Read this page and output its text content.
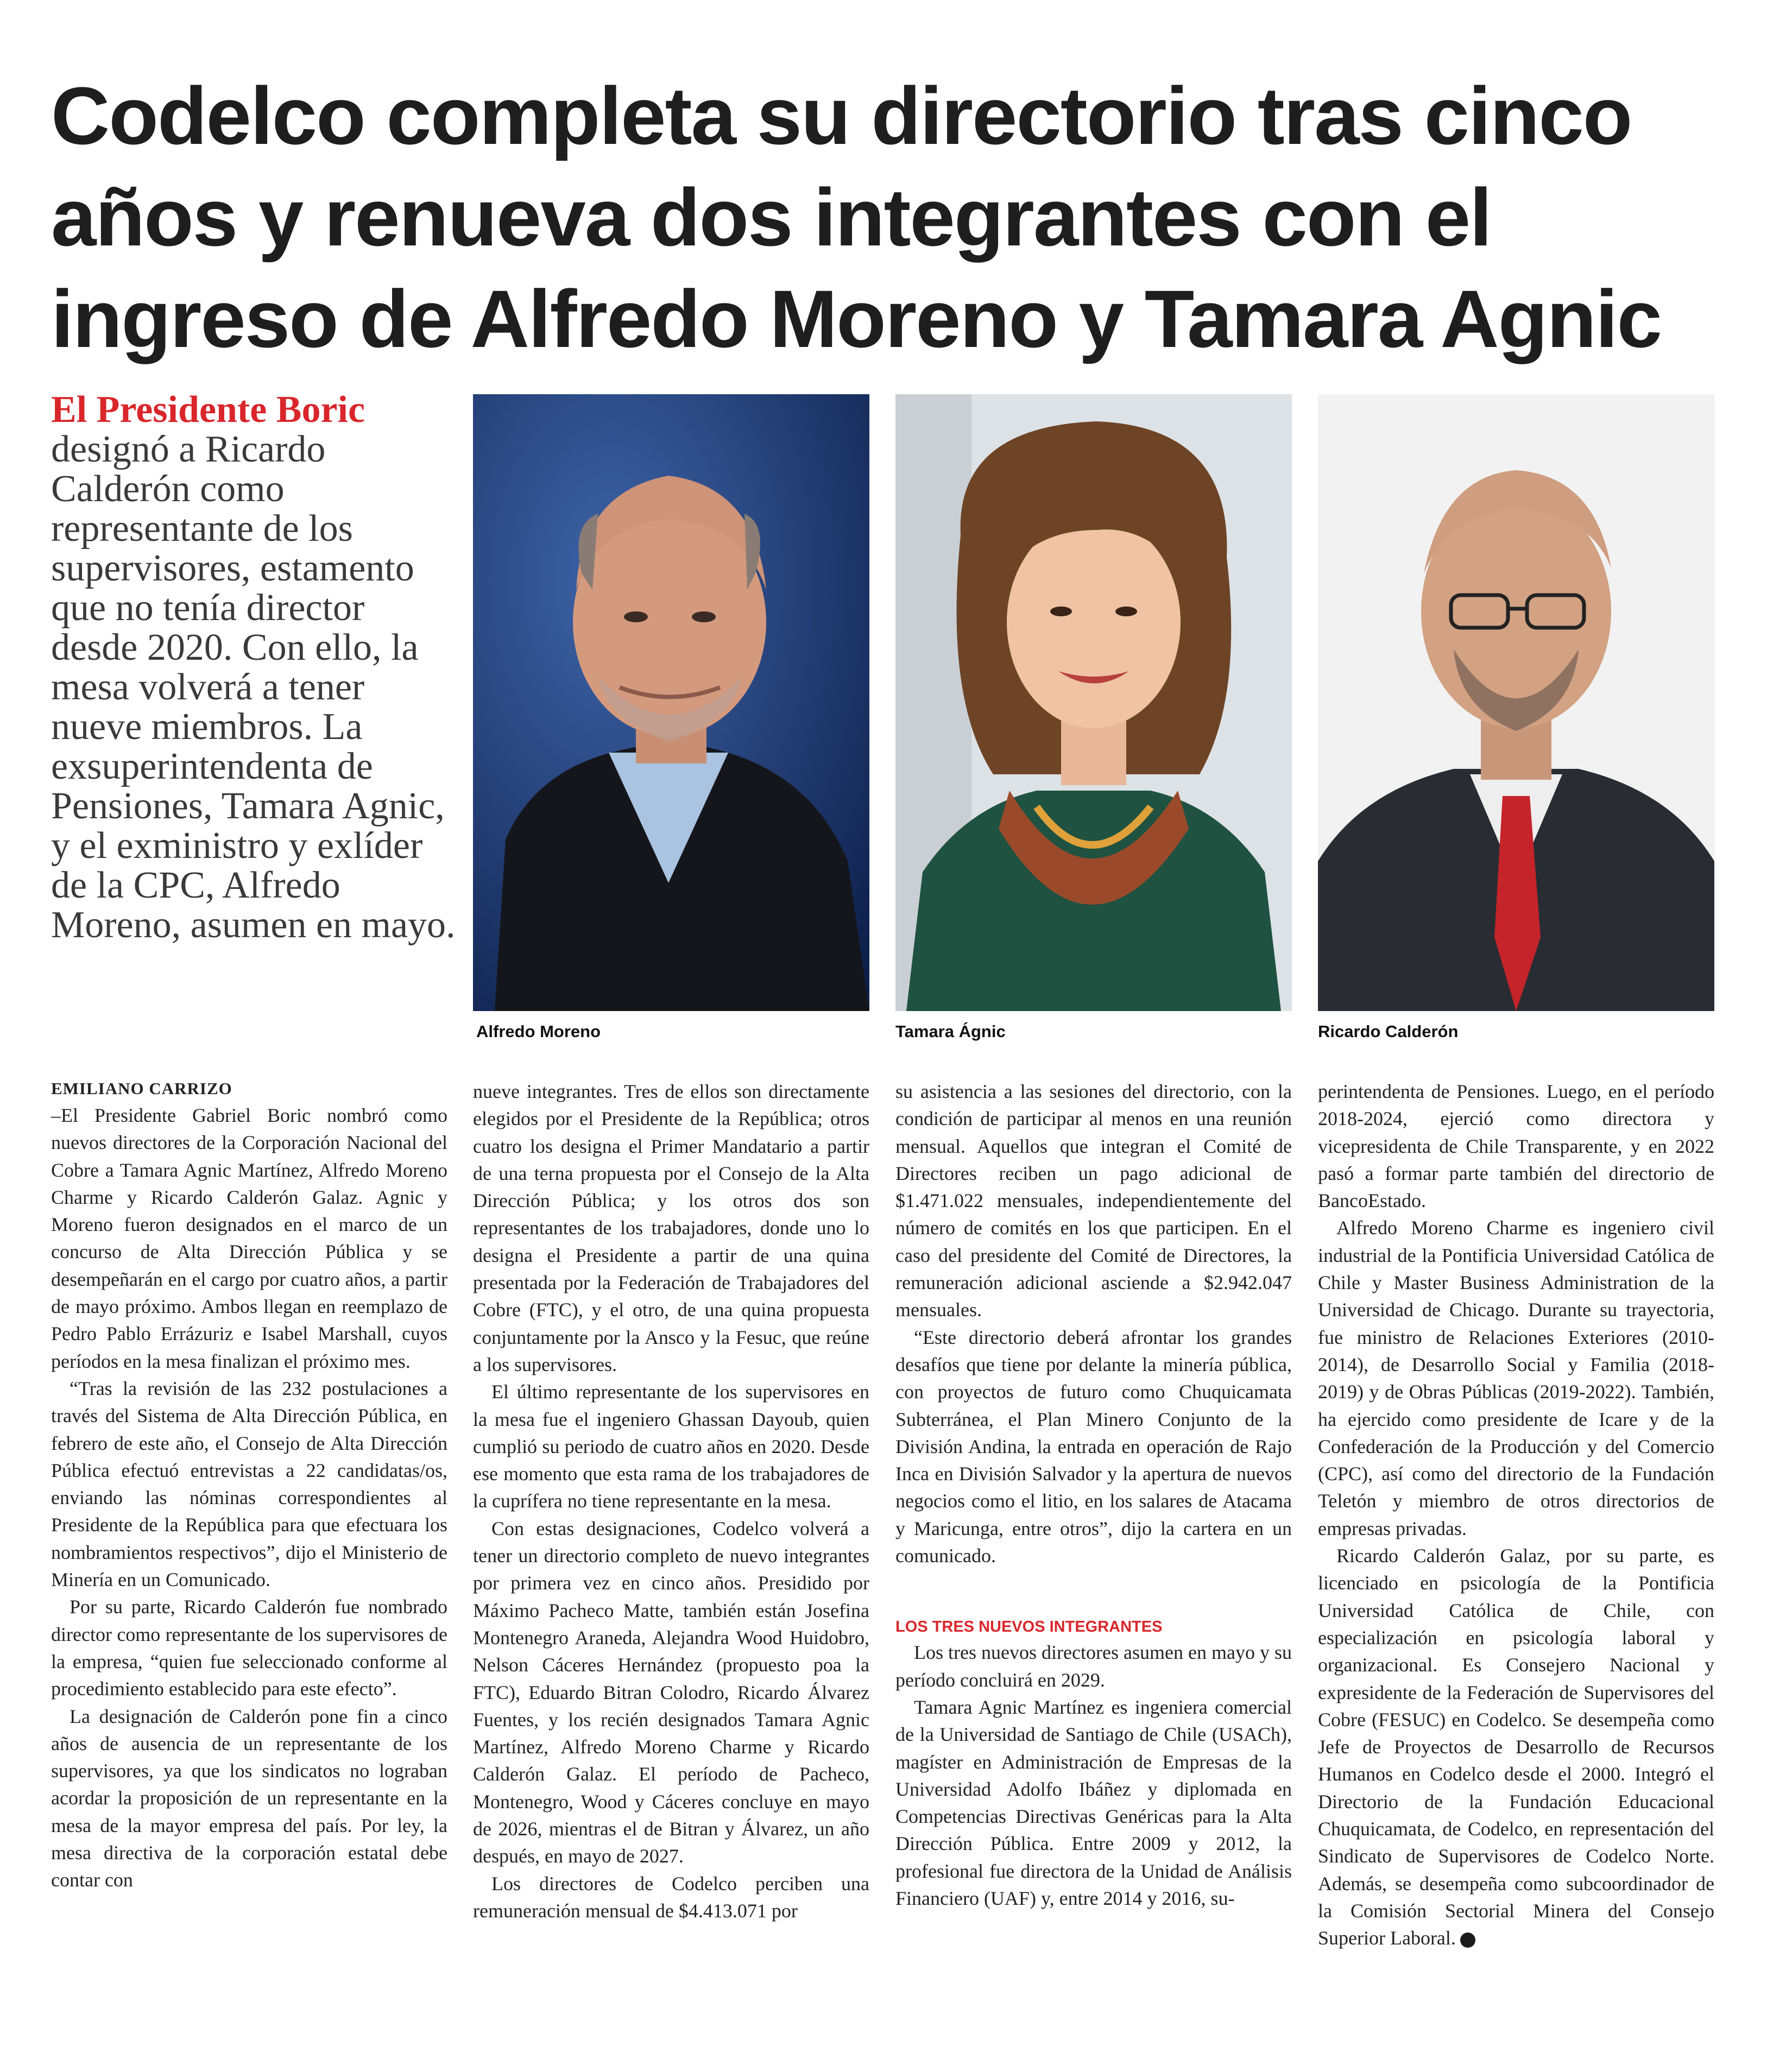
Codelco completa su directorio tras cinco años y renueva dos integrantes con el ingreso de Alfredo Moreno y Tamara Agnic
El Presidente Boric
designó a Ricardo Calderón como representante de los supervisores, estamento que no tenía director desde 2020. Con ello, la mesa volverá a tener nueve miembros. La exsuperintendenta de Pensiones, Tamara Agnic, y el exministro y exlíder de la CPC, Alfredo Moreno, asumen en mayo.
Alfredo Moreno	Tamara Ágnic	Ricardo Calderón
EMILIANO CARRIZO

–El Presidente Gabriel Boric nombró como nuevos directores de la Corporación Nacional del Cobre a Tamara Agnic Martínez, Alfredo Moreno Charme y Ricardo Calderón Galaz. Agnic y Moreno fueron designados en el marco de un concurso de Alta Dirección Pública y se desempeñarán en el cargo por cuatro años, a partir de mayo próximo. Ambos llegan en reemplazo de Pedro Pablo Errázuriz e Isabel Marshall, cuyos períodos en la mesa finalizan el próximo mes.

“Tras la revisión de las 232 postulaciones a través del Sistema de Alta Dirección Pública, en febrero de este año, el Consejo de Alta Dirección Pública efectuó entrevistas a 22 candidatas/os, enviando las nóminas correspondientes al Presidente de la República para que efectuara los nombramientos respectivos”, dijo el Ministerio de Minería en un Comunicado.

Por su parte, Ricardo Calderón fue nombrado director como representante de los supervisores de la empresa, “quien fue seleccionado conforme al procedimiento establecido para este efecto”.

La designación de Calderón pone fin a cinco años de ausencia de un representante de los supervisores, ya que los sindicatos no lograban acordar la proposición de un representante en la mesa de la mayor empresa del país. Por ley, la mesa directiva de la corporación estatal debe contar con

nueve integrantes. Tres de ellos son directamente elegidos por el Presidente de la República; otros cuatro los designa el Primer Mandatario a partir de una terna propuesta por el Consejo de la Alta Dirección Pública; y los otros dos son representantes de los trabajadores, donde uno lo designa el Presidente a partir de una quina presentada por la Federación de Trabajadores del Cobre (FTC), y el otro, de una quina propuesta conjuntamente por la Ansco y la Fesuc, que reúne a los supervisores.

El último representante de los supervisores en la mesa fue el ingeniero Ghassan Dayoub, quien cumplió su periodo de cuatro años en 2020. Desde ese momento que esta rama de los trabajadores de la cuprífera no tiene representante en la mesa.

Con estas designaciones, Codelco volverá a tener un directorio completo de nuevo integrantes por primera vez en cinco años. Presidido por Máximo Pacheco Matte, también están Josefina Montenegro Araneda, Alejandra Wood Huidobro, Nelson Cáceres Hernández (propuesto poa la FTC), Eduardo Bitran Colodro, Ricardo Álvarez Fuentes, y los recién designados Tamara Agnic Martínez, Alfredo Moreno Charme y Ricardo Calderón Galaz. El período de Pacheco, Montenegro, Wood y Cáceres concluye en mayo de 2026, mientras el de Bitran y Álvarez, un año después, en mayo de 2027.

Los directores de Codelco perciben una remuneración mensual de $4.413.071 por

su asistencia a las sesiones del directorio, con la condición de participar al menos en una reunión mensual. Aquellos que integran el Comité de Directores reciben un pago adicional de $1.471.022 mensuales, independientemente del número de comités en los que participen. En el caso del presidente del Comité de Directores, la remuneración adicional asciende a $2.942.047 mensuales.

“Este directorio deberá afrontar los grandes desafíos que tiene por delante la minería pública, con proyectos de futuro como Chuquicamata Subterránea, el Plan Minero Conjunto de la División Andina, la entrada en operación de Rajo Inca en División Salvador y la apertura de nuevos negocios como el litio, en los salares de Atacama y Maricunga, entre otros”, dijo la cartera en un comunicado.

LOS TRES NUEVOS INTEGRANTES

Los tres nuevos directores asumen en mayo y su período concluirá en 2029.

Tamara Agnic Martínez es ingeniera comercial de la Universidad de Santiago de Chile (USACh), magíster en Administración de Empresas de la Universidad Adolfo Ibáñez y diplomada en Competencias Directivas Genéricas para la Alta Dirección Pública. Entre 2009 y 2012, la profesional fue directora de la Unidad de Análisis Financiero (UAF) y, entre 2014 y 2016, su-

perintendenta de Pensiones. Luego, en el período 2018-2024, ejerció como directora y vicepresidenta de Chile Transparente, y en 2022 pasó a formar parte también del directorio de BancoEstado.

Alfredo Moreno Charme es ingeniero civil industrial de la Pontificia Universidad Católica de Chile y Master Business Administration de la Universidad de Chicago. Durante su trayectoria, fue ministro de Relaciones Exteriores (2010-2014), de Desarrollo Social y Familia (2018-2019) y de Obras Públicas (2019-2022). También, ha ejercido como presidente de Icare y de la Confederación de la Producción y del Comercio (CPC), así como del directorio de la Fundación Teletón y miembro de otros directorios de empresas privadas.

Ricardo Calderón Galaz, por su parte, es licenciado en psicología de la Pontificia Universidad Católica de Chile, con especialización en psicología laboral y organizacional. Es Consejero Nacional y expresidente de la Federación de Supervisores del Cobre (FESUC) en Codelco. Se desempeña como Jefe de Proyectos de Desarrollo de Recursos Humanos en Codelco desde el 2000. Integró el Directorio de la Fundación Educacional Chuquicamata, de Codelco, en representación del Sindicato de Supervisores de Codelco Norte. Además, se desempeña como subcoordinador de la Comisión Sectorial Minera del Consejo Superior Laboral. P
